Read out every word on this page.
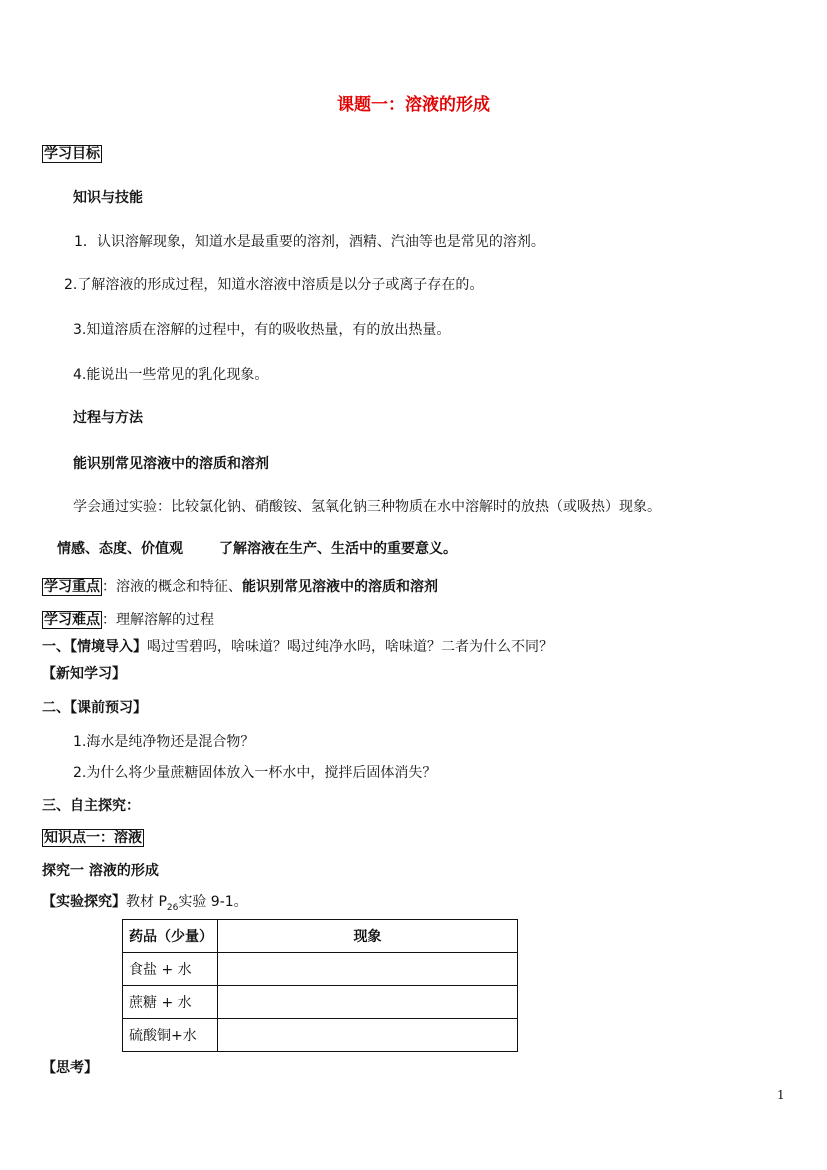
课题一：溶液的形成
学习目标
知识与技能
1．认识溶解现象，知道水是最重要的溶剂，酒精、汽油等也是常见的溶剂。
2.了解溶液的形成过程，知道水溶液中溶质是以分子或离子存在的。
3.知道溶质在溶解的过程中，有的吸收热量，有的放出热量。
4.能说出一些常见的乳化现象。
过程与方法
能识别常见溶液中的溶质和溶剂
学会通过实验：比较氯化钠、硝酸铵、氢氧化钠三种物质在水中溶解时的放热（或吸热）现象。
情感、态度、价值观	了解溶液在生产、生活中的重要意义。
学习重点 ：溶液的概念和特征、能识别常见溶液中的溶质和溶剂
学习难点 ：理解溶解的过程
一、【情境导入】喝过雪碧吗，啥味道？喝过纯净水吗，啥味道？二者为什么不同？
【新知学习】
二、【课前预习】
1.海水是纯净物还是混合物？
2.为什么将少量蔗糖固体放入一杯水中，搅拌后固体消失？
三、自主探究：
知识点一：溶液
探究一 溶液的形成
【实验探究】教材 $P_{26}$实验 9-1。
药品（少量）	现象
食盐 + 水	
蔗糖 + 水	
硫酸铜+水	
【思考】
1
